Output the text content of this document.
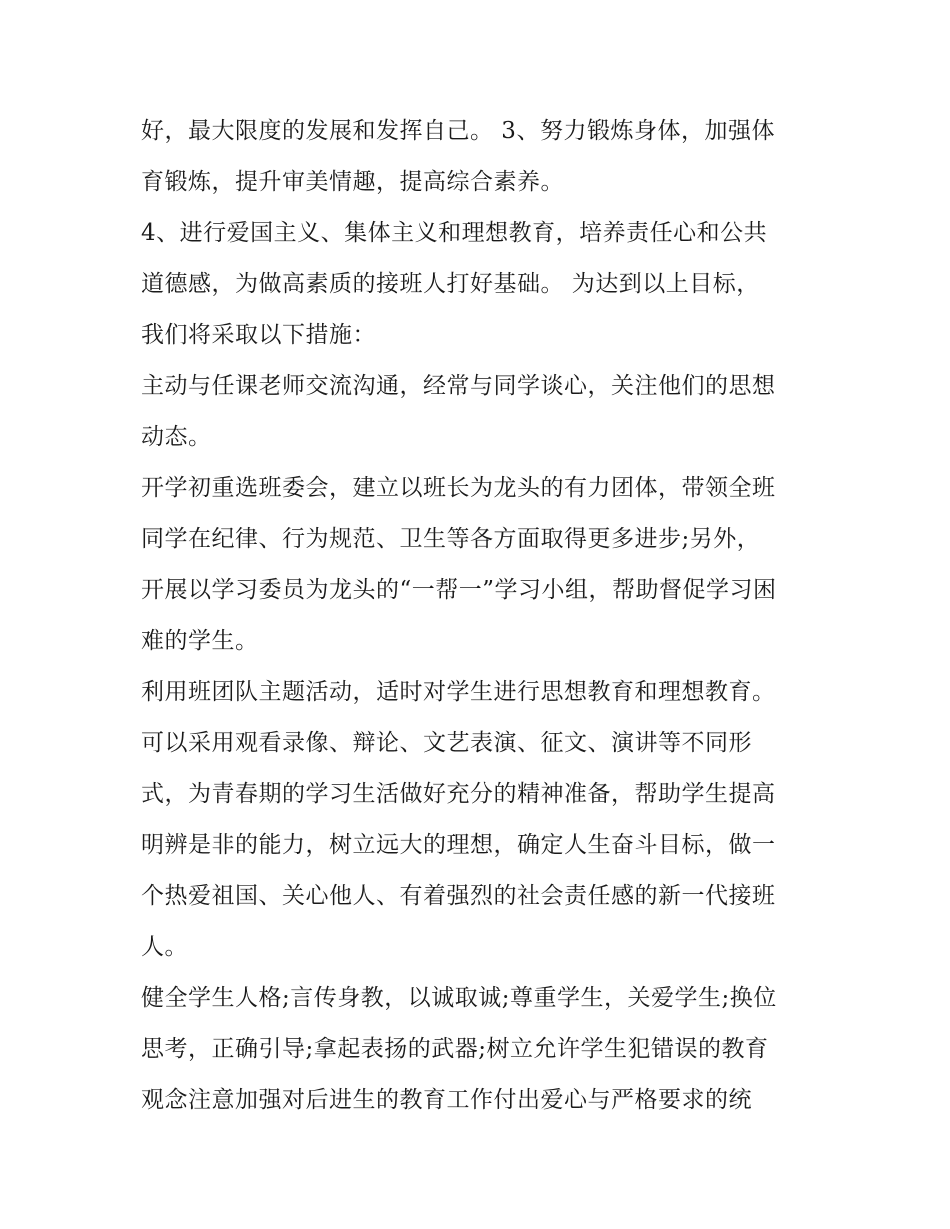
好，最大限度的发展和发挥自己。 3、努力锻炼身体，加强体
育锻炼，提升审美情趣，提高综合素养。
4、进行爱国主义、集体主义和理想教育，培养责任心和公共
道德感，为做高素质的接班人打好基础。 为达到以上目标，
我们将采取以下措施：
主动与任课老师交流沟通，经常与同学谈心，关注他们的思想
动态。
开学初重选班委会，建立以班长为龙头的有力团体，带领全班
同学在纪律、行为规范、卫生等各方面取得更多进步;另外，
开展以学习委员为龙头的“一帮一”学习小组，帮助督促学习困
难的学生。
利用班团队主题活动，适时对学生进行思想教育和理想教育。
可以采用观看录像、辩论、文艺表演、征文、演讲等不同形
式，为青春期的学习生活做好充分的精神准备，帮助学生提高
明辨是非的能力，树立远大的理想，确定人生奋斗目标，做一
个热爱祖国、关心他人、有着强烈的社会责任感的新一代接班
人。
健全学生人格;言传身教，以诚取诚;尊重学生，关爱学生;换位
思考，正确引导;拿起表扬的武器;树立允许学生犯错误的教育
观念注意加强对后进生的教育工作付出爱心与严格要求的统
